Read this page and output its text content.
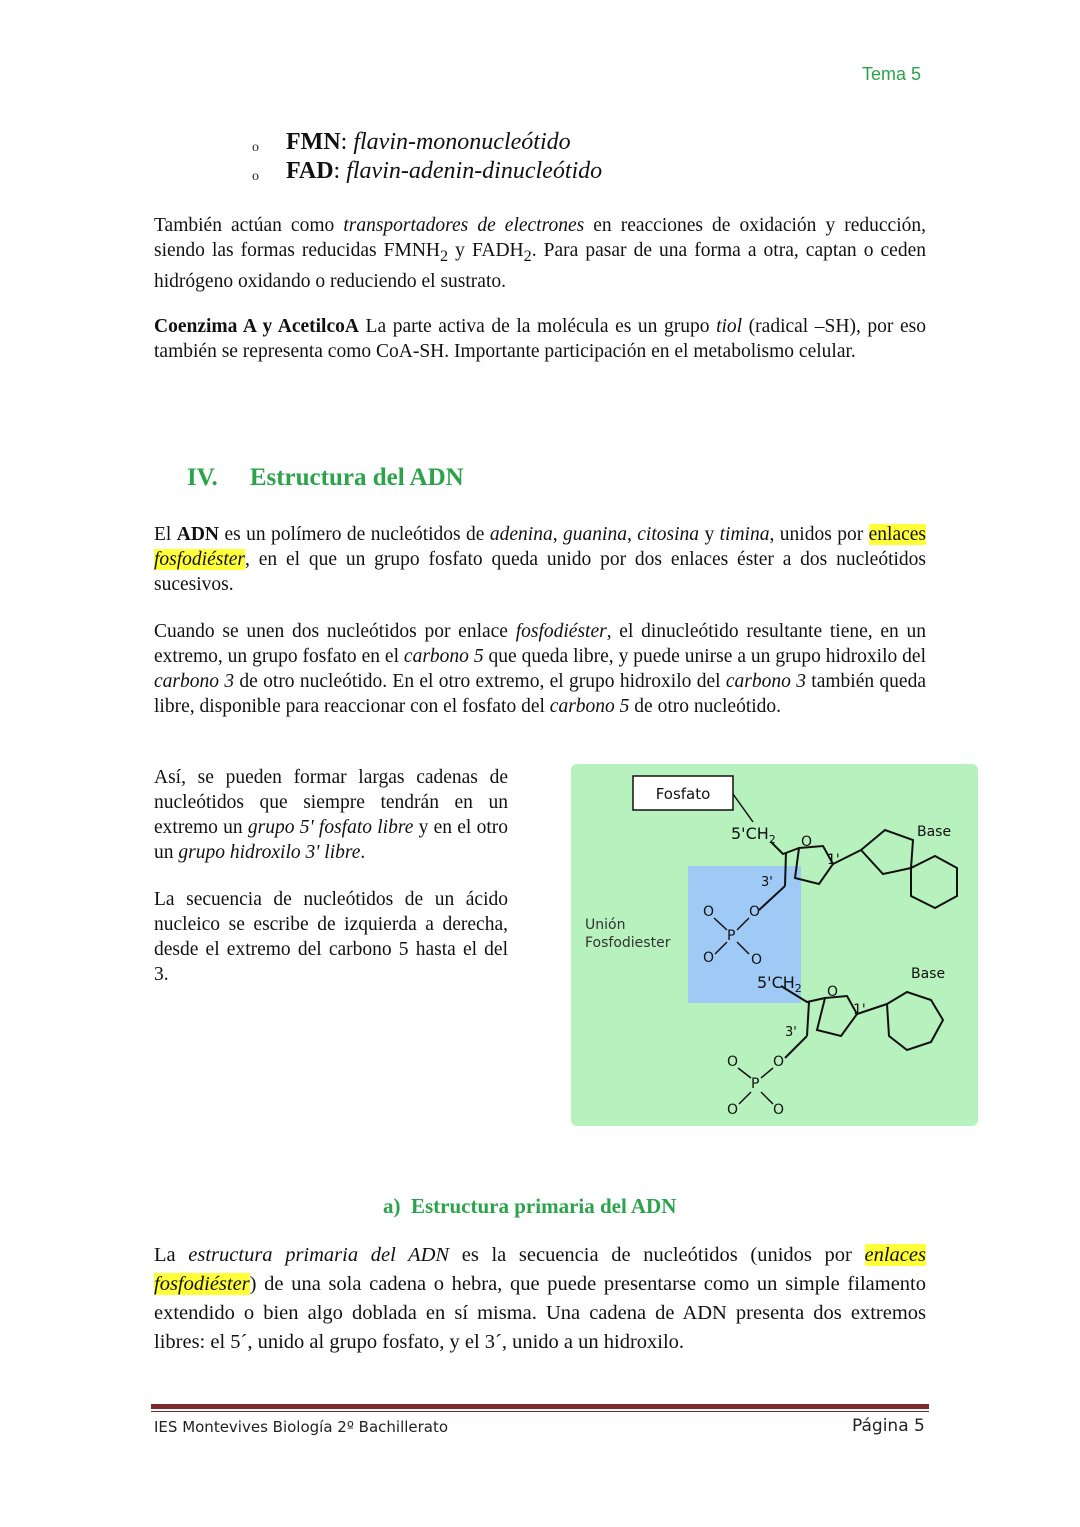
Tema 5
o FMN: flavin-mononucleótido
o FAD: flavin-adenin-dinucleótido

También actúan como transportadores de electrones en reacciones de oxidación y reducción, siendo las formas reducidas $FMNH_2$ y $FADH_2$. Para pasar de una forma a otra, captan o ceden hidrógeno oxidando o reduciendo el sustrato.

Coenzima A y AcetilcoA La parte activa de la molécula es un grupo tiol (radical –SH), por eso también se representa como CoA-SH. Importante participación en el metabolismo celular.

IV. Estructura del ADN

El ADN es un polímero de nucleótidos de adenina, guanina, citosina y timina, unidos por enlaces fosfodiéster, en el que un grupo fosfato queda unido por dos enlaces éster a dos nucleótidos sucesivos.

Cuando se unen dos nucleótidos por enlace fosfodiéster, el dinucleótido resultante tiene, en un extremo, un grupo fosfato en el carbono 5 que queda libre, y puede unirse a un grupo hidroxilo del carbono 3 de otro nucleótido. En el otro extremo, el grupo hidroxilo del carbono 3 también queda libre, disponible para reaccionar con el fosfato del carbono 5 de otro nucleótido.

Así, se pueden formar largas cadenas de nucleótidos que siempre tendrán en un extremo un grupo 5' fosfato libre y en el otro un grupo hidroxilo 3' libre.

La secuencia de nucleótidos de un ácido nucleico se escribe de izquierda a derecha, desde el extremo del carbono 5 hasta el del 3.

Fosfato
Unión
Fosfodiester
$5'CH_2$ O
1'
3'
Base
O O
P
O	O
$5'CH_2$ O
1'
3'
Base
O O
P
O O
a) Estructura primaria del ADN

La estructura primaria del ADN es la secuencia de nucleótidos (unidos por enlaces fosfodiéster) de una sola cadena o hebra, que puede presentarse como un simple filamento extendido o bien algo doblada en sí misma. Una cadena de ADN presenta dos extremos libres: el 5´, unido al grupo fosfato, y el 3´, unido a un hidroxilo.

IES Montevives Biología 2º Bachillerato	Página 5
